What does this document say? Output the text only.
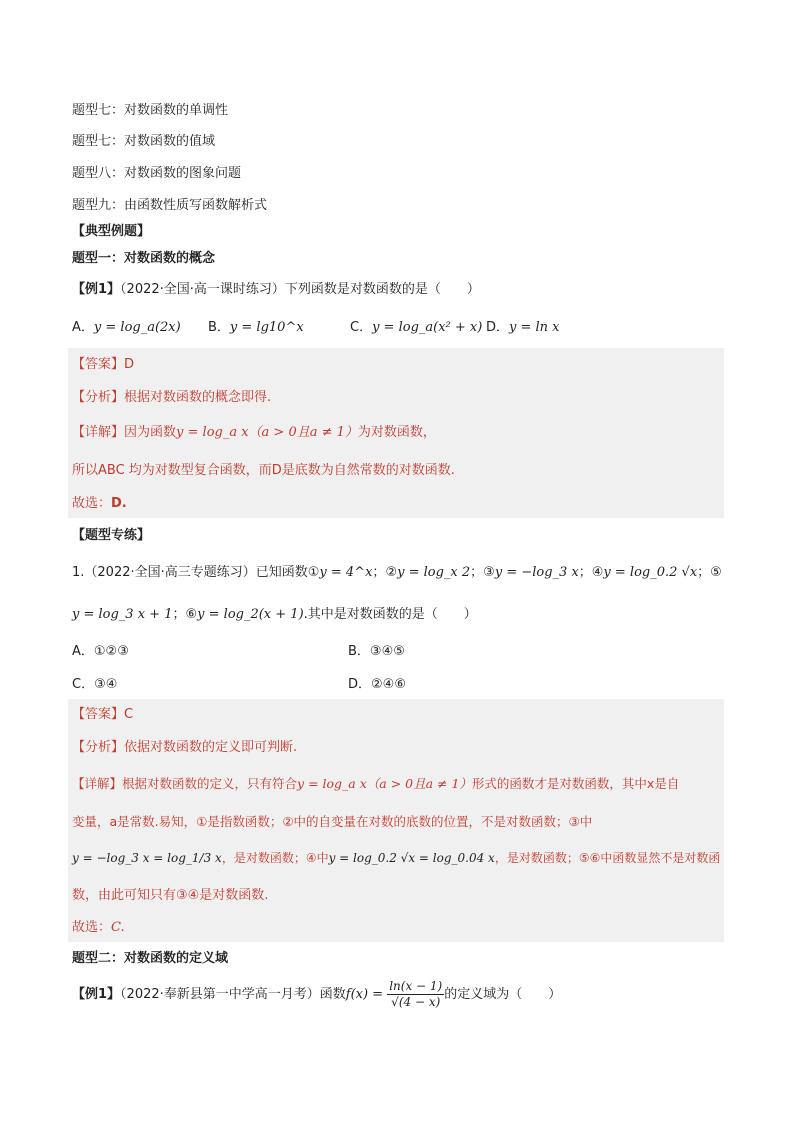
题型七：对数函数的单调性
题型七：对数函数的值域
题型八：对数函数的图象问题
题型九：由函数性质写函数解析式
【典型例题】
题型一：对数函数的概念
【例1】（2022·全国·高一课时练习）下列函数是对数函数的是（　　）
A．y = log_a(2x) B．y = lg10^x	C．y = log_a(x² + x) D．y = ln x
【答案】D
【分析】根据对数函数的概念即得.
【详解】因为函数y = log_a x（a > 0且a ≠ 1）为对数函数，
所以ABC 均为对数型复合函数，而D是底数为自然常数的对数函数.
故选：D.
【题型专练】
1.（2022·全国·高三专题练习）已知函数①y = 4^x；②y = log_x 2；③y = −log_3 x；④y = log_0.2 √x；⑤
y = log_3 x + 1；⑥y = log_2(x + 1).其中是对数函数的是（　　）
A．①②③	B．③④⑤
C．③④	D．②④⑥
【答案】C
【分析】依据对数函数的定义即可判断.
【详解】根据对数函数的定义，只有符合y = log_a x（a > 0且a ≠ 1）形式的函数才是对数函数，其中x是自
变量，a是常数.易知，①是指数函数；②中的自变量在对数的底数的位置，不是对数函数；③中
y = −log_3 x = log_1/3 x，是对数函数；④中y = log_0.2 √x = log_0.04 x，是对数函数；⑤⑥中函数显然不是对数函
数，由此可知只有③④是对数函数.
故选：C.
题型二：对数函数的定义域
【例1】（2022·奉新县第一中学高一月考）函数$f(x) = \frac{\ln(x - 1)}{√(4 - x)}$ 的定义域为（　　）
